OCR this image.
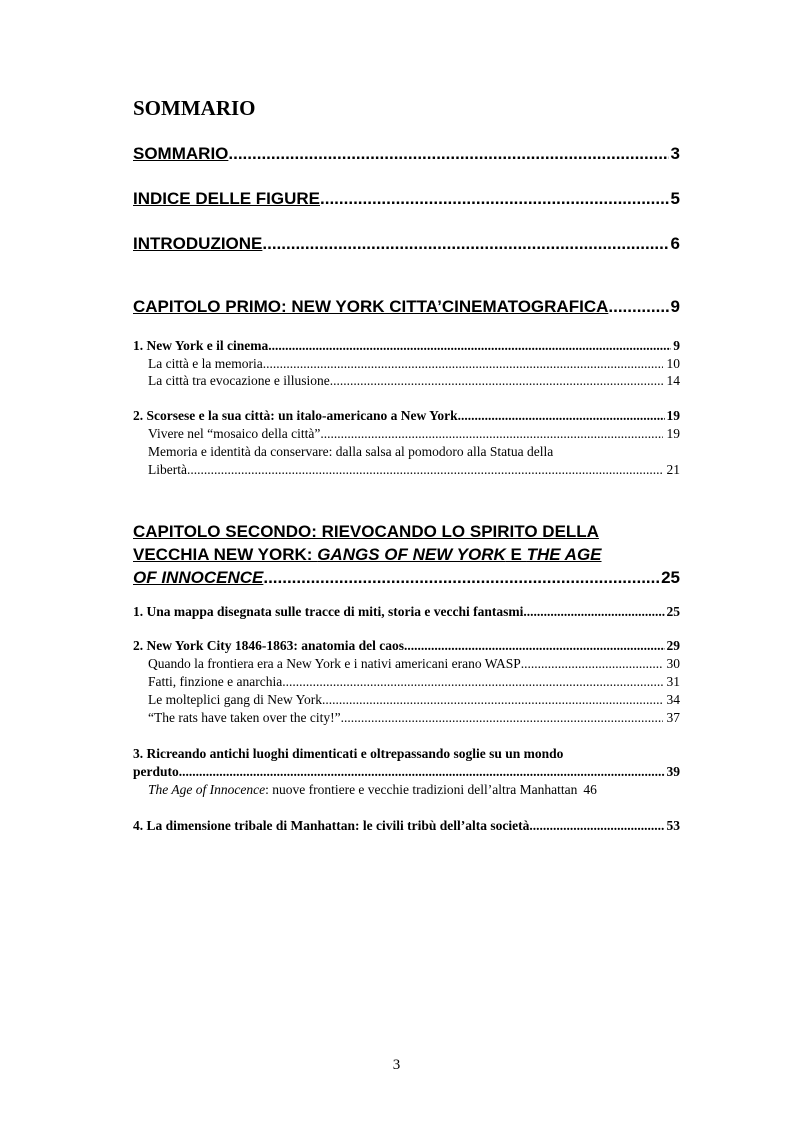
SOMMARIO
SOMMARIO .....	3
INDICE DELLE FIGURE .....	5
INTRODUZIONE .....	6
CAPITOLO PRIMO: NEW YORK CITTA’CINEMATOGRAFICA .....	9
1. New York e il cinema .....	9
La città e la memoria .....	10
La città tra evocazione e illusione .....	14
2. Scorsese e la sua città: un italo-americano a New York .....	19
Vivere nel “mosaico della città” .....	19
Memoria e identità da conservare: dalla salsa al pomodoro alla Statua della
Libertà .....	21
CAPITOLO SECONDO: RIEVOCANDO LO SPIRITO DELLA
VECCHIA NEW YORK: GANGS OF NEW YORK E THE AGE
OF INNOCENCE .....	25
1. Una mappa disegnata sulle tracce di miti, storia e vecchi fantasmi. .....	25
2. New York City 1846-1863: anatomia del caos .....	29
Quando la frontiera era a New York e i nativi americani erano WASP .....	30
Fatti, finzione e anarchia .....	31
Le molteplici gang di New York .....	34
“The rats have taken over the city!” .....	37
3. Ricreando antichi luoghi dimenticati e oltrepassando soglie su un mondo
perduto .....	39
The Age of Innocence: nuove frontiere e vecchie tradizioni dell’altra Manhattan 46
4. La dimensione tribale di Manhattan: le civili tribù dell’alta società .....	53
3
